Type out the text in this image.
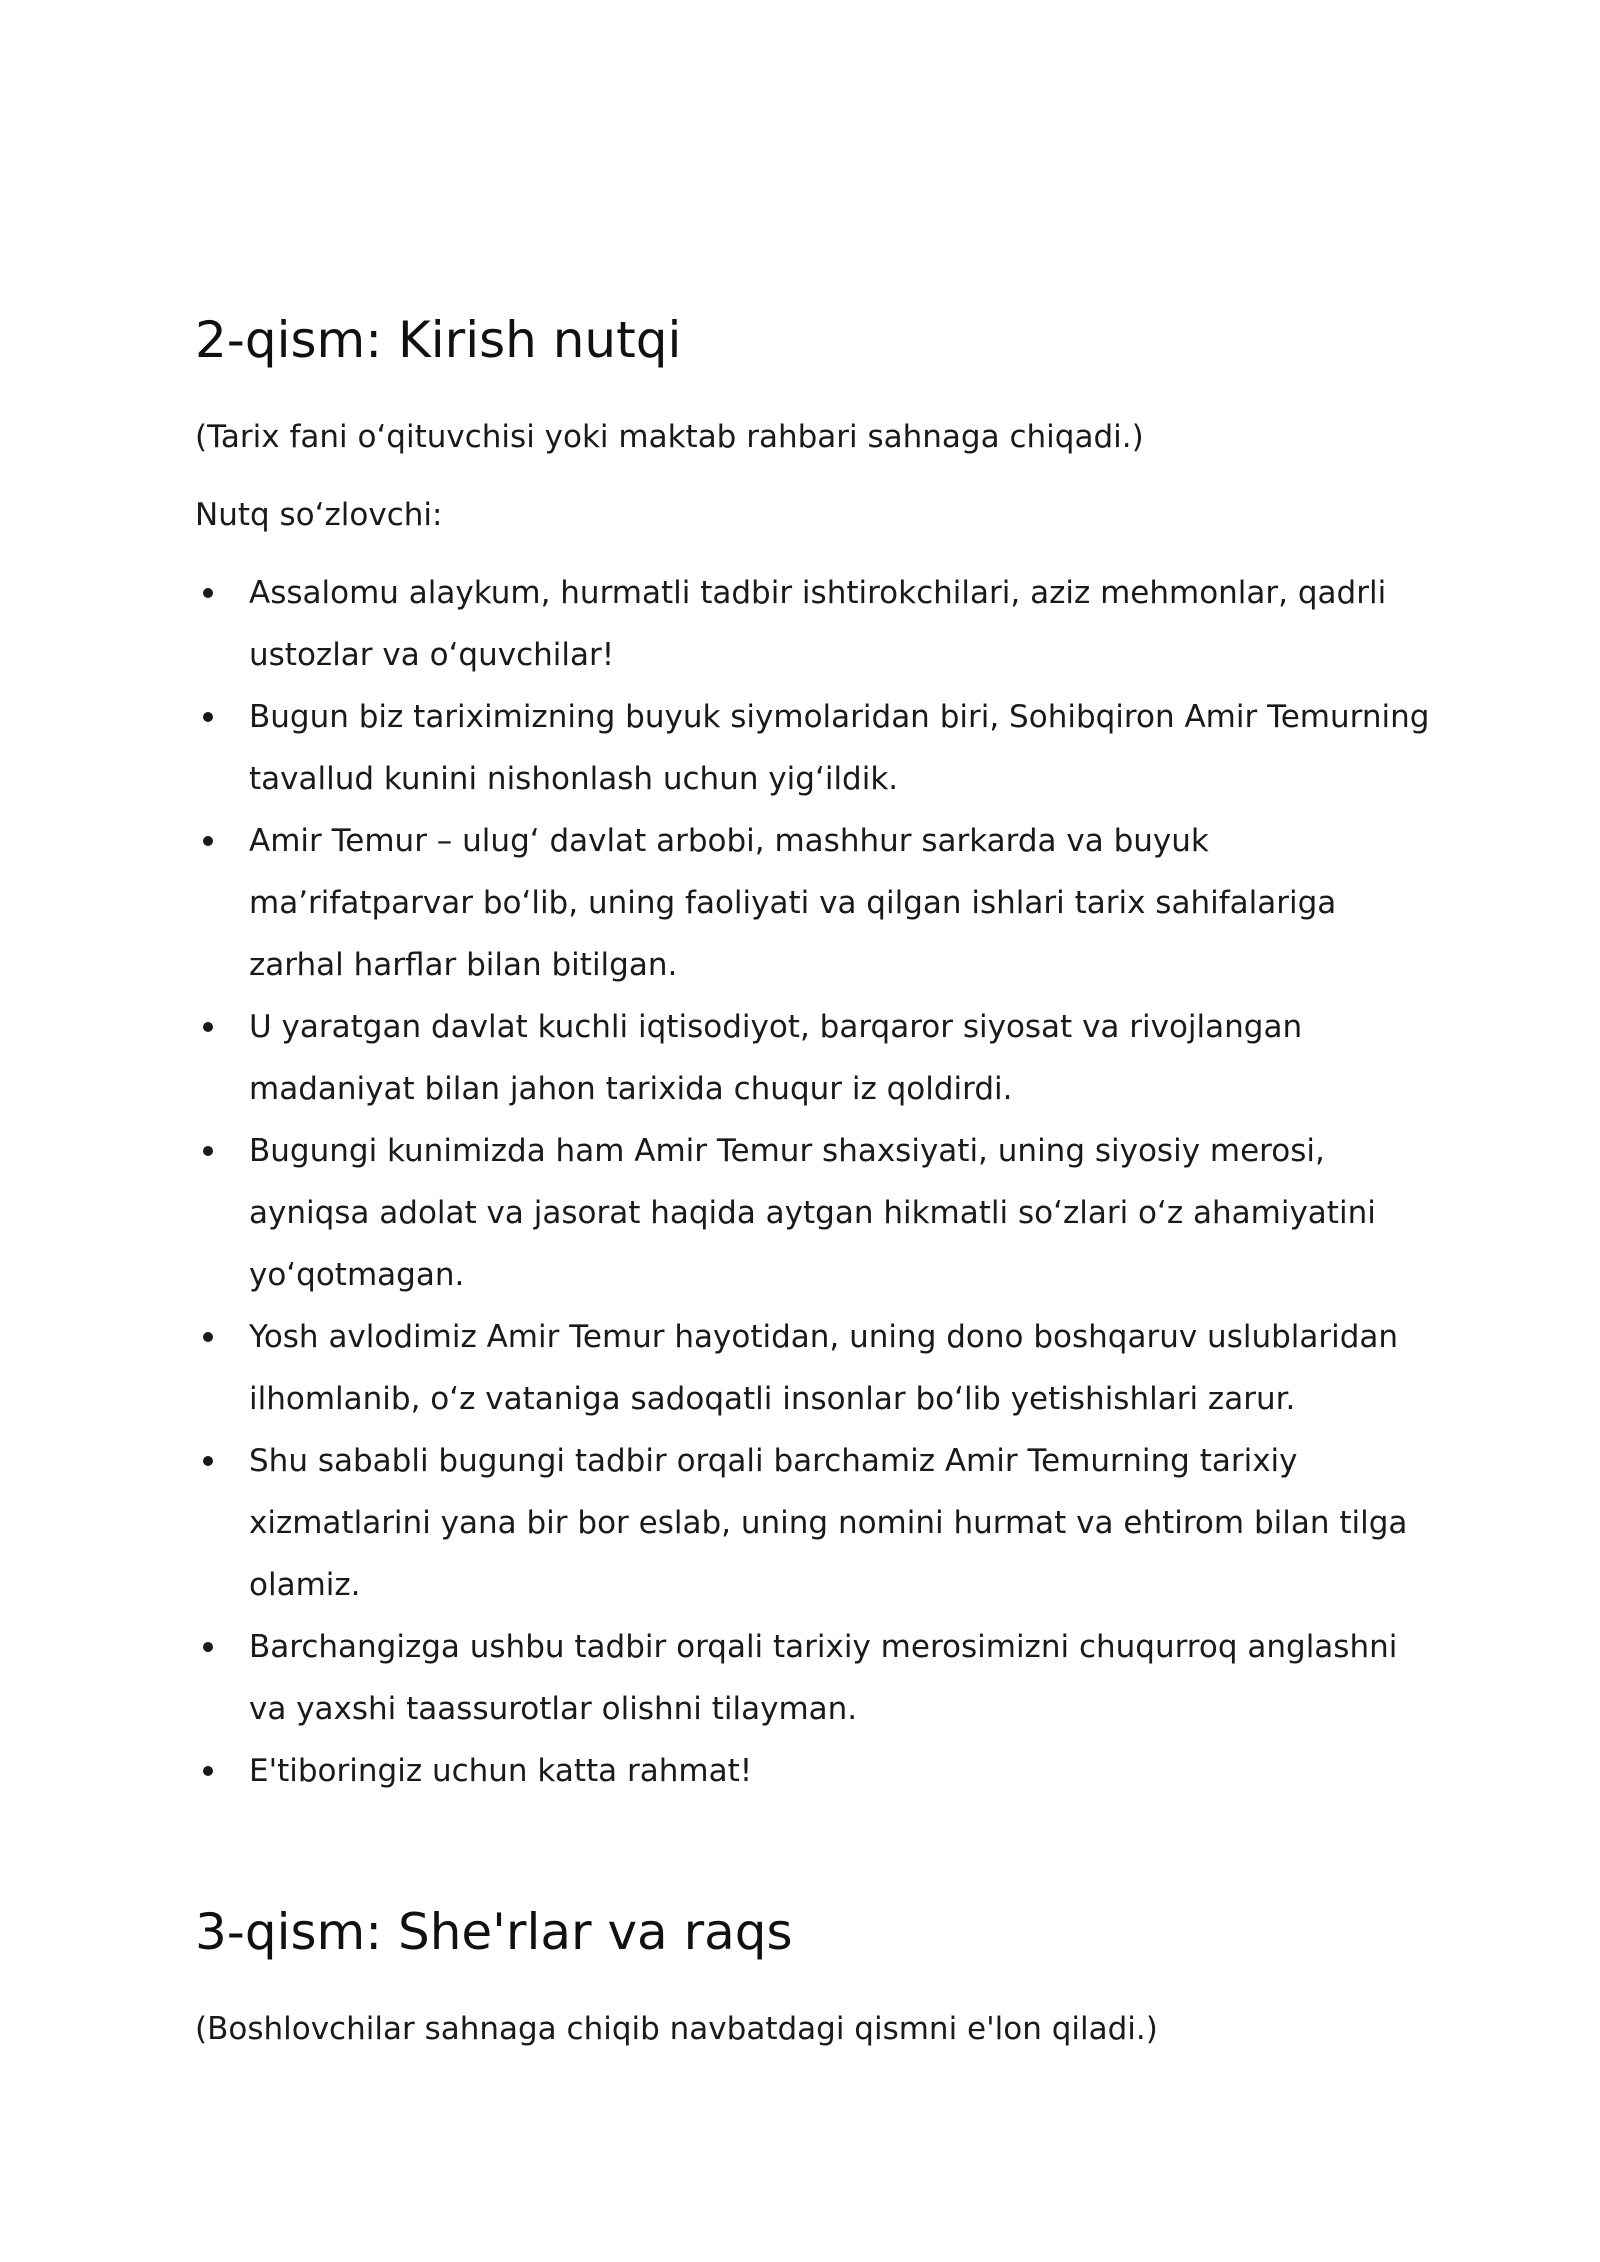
2-qism: Kirish nutqi

(Tarix fani o‘qituvchisi yoki maktab rahbari sahnaga chiqadi.)

Nutq so‘zlovchi:

Assalomu alaykum, hurmatli tadbir ishtirokchilari, aziz mehmonlar, qadrli ustozlar va o‘quvchilar!
Bugun biz tariximizning buyuk siymolaridan biri, Sohibqiron Amir Temurning tavallud kunini nishonlash uchun yig‘ildik.
Amir Temur – ulug‘ davlat arbobi, mashhur sarkarda va buyuk ma’rifatparvar bo‘lib, uning faoliyati va qilgan ishlari tarix sahifalariga zarhal harflar bilan bitilgan.
U yaratgan davlat kuchli iqtisodiyot, barqaror siyosat va rivojlangan madaniyat bilan jahon tarixida chuqur iz qoldirdi.
Bugungi kunimizda ham Amir Temur shaxsiyati, uning siyosiy merosi, ayniqsa adolat va jasorat haqida aytgan hikmatli so‘zlari o‘z ahamiyatini yo‘qotmagan.
Yosh avlodimiz Amir Temur hayotidan, uning dono boshqaruv uslublaridan ilhomlanib, o‘z vataniga sadoqatli insonlar bo‘lib yetishishlari zarur.
Shu sababli bugungi tadbir orqali barchamiz Amir Temurning tarixiy xizmatlarini yana bir bor eslab, uning nomini hurmat va ehtirom bilan tilga olamiz.
Barchangizga ushbu tadbir orqali tarixiy merosimizni chuqurroq anglashni va yaxshi taassurotlar olishni tilayman.
E'tiboringiz uchun katta rahmat!
3-qism: She'rlar va raqs

(Boshlovchilar sahnaga chiqib navbatdagi qismni e'lon qiladi.)
